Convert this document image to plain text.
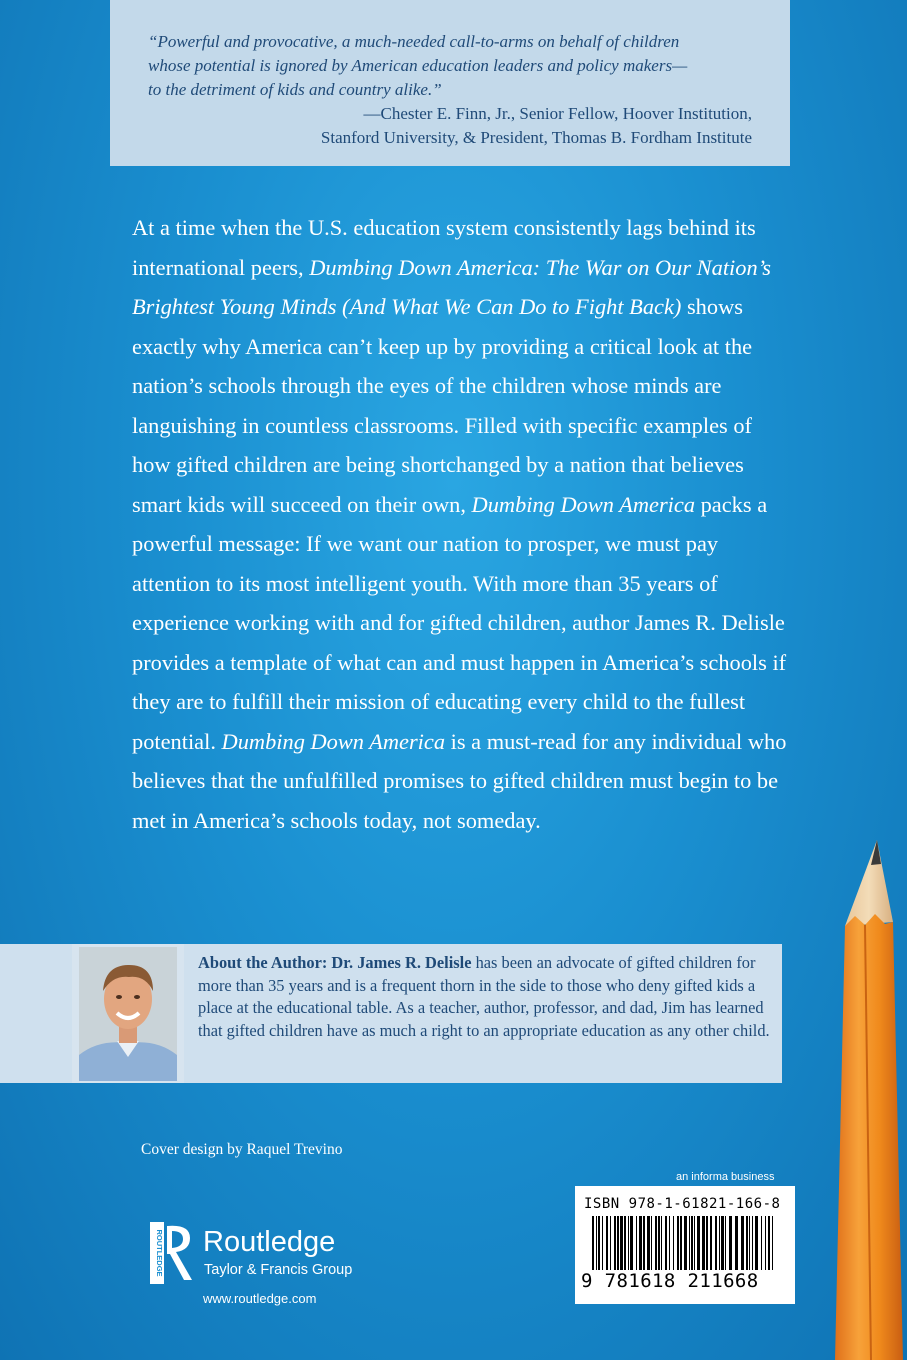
“Powerful and provocative, a much-needed call-to-arms on behalf of children
whose potential is ignored by American education leaders and policy makers—
to the detriment of kids and country alike.”

—Chester E. Finn, Jr., Senior Fellow, Hoover Institution,
Stanford University, & President, Thomas B. Fordham Institute

At a time when the U.S. education system consistently lags behind its international peers, Dumbing Down America: The War on Our Nation’s Brightest Young Minds (And What We Can Do to Fight Back) shows exactly why America can’t keep up by providing a critical look at the nation’s schools through the eyes of the children whose minds are languishing in countless classrooms. Filled with specific examples of how gifted children are being shortchanged by a nation that believes smart kids will succeed on their own, Dumbing Down America packs a powerful message: If we want our nation to prosper, we must pay attention to its most intelligent youth. With more than 35 years of experience working with and for gifted children, author James R. Delisle provides a template of what can and must happen in America’s schools if they are to fulfill their mission of educating every child to the fullest potential. Dumbing Down America is a must-read for any individual who believes that the unfulfilled promises to gifted children must begin to be met in America’s schools today, not someday.

About the Author: Dr. James R. Delisle has been an advocate of gifted children for more than 35 years and is a frequent thorn in the side to those who deny gifted kids a place at the educational table. As a teacher, author, professor, and dad, Jim has learned that gifted children have as much a right to an appropriate education as any other child.

Cover design by Raquel Trevino
an informa business
ISBN 978-1-61821-166-8
9 781618 211668
ROUTLEDGE Routledge
Taylor & Francis Group
www.routledge.com
